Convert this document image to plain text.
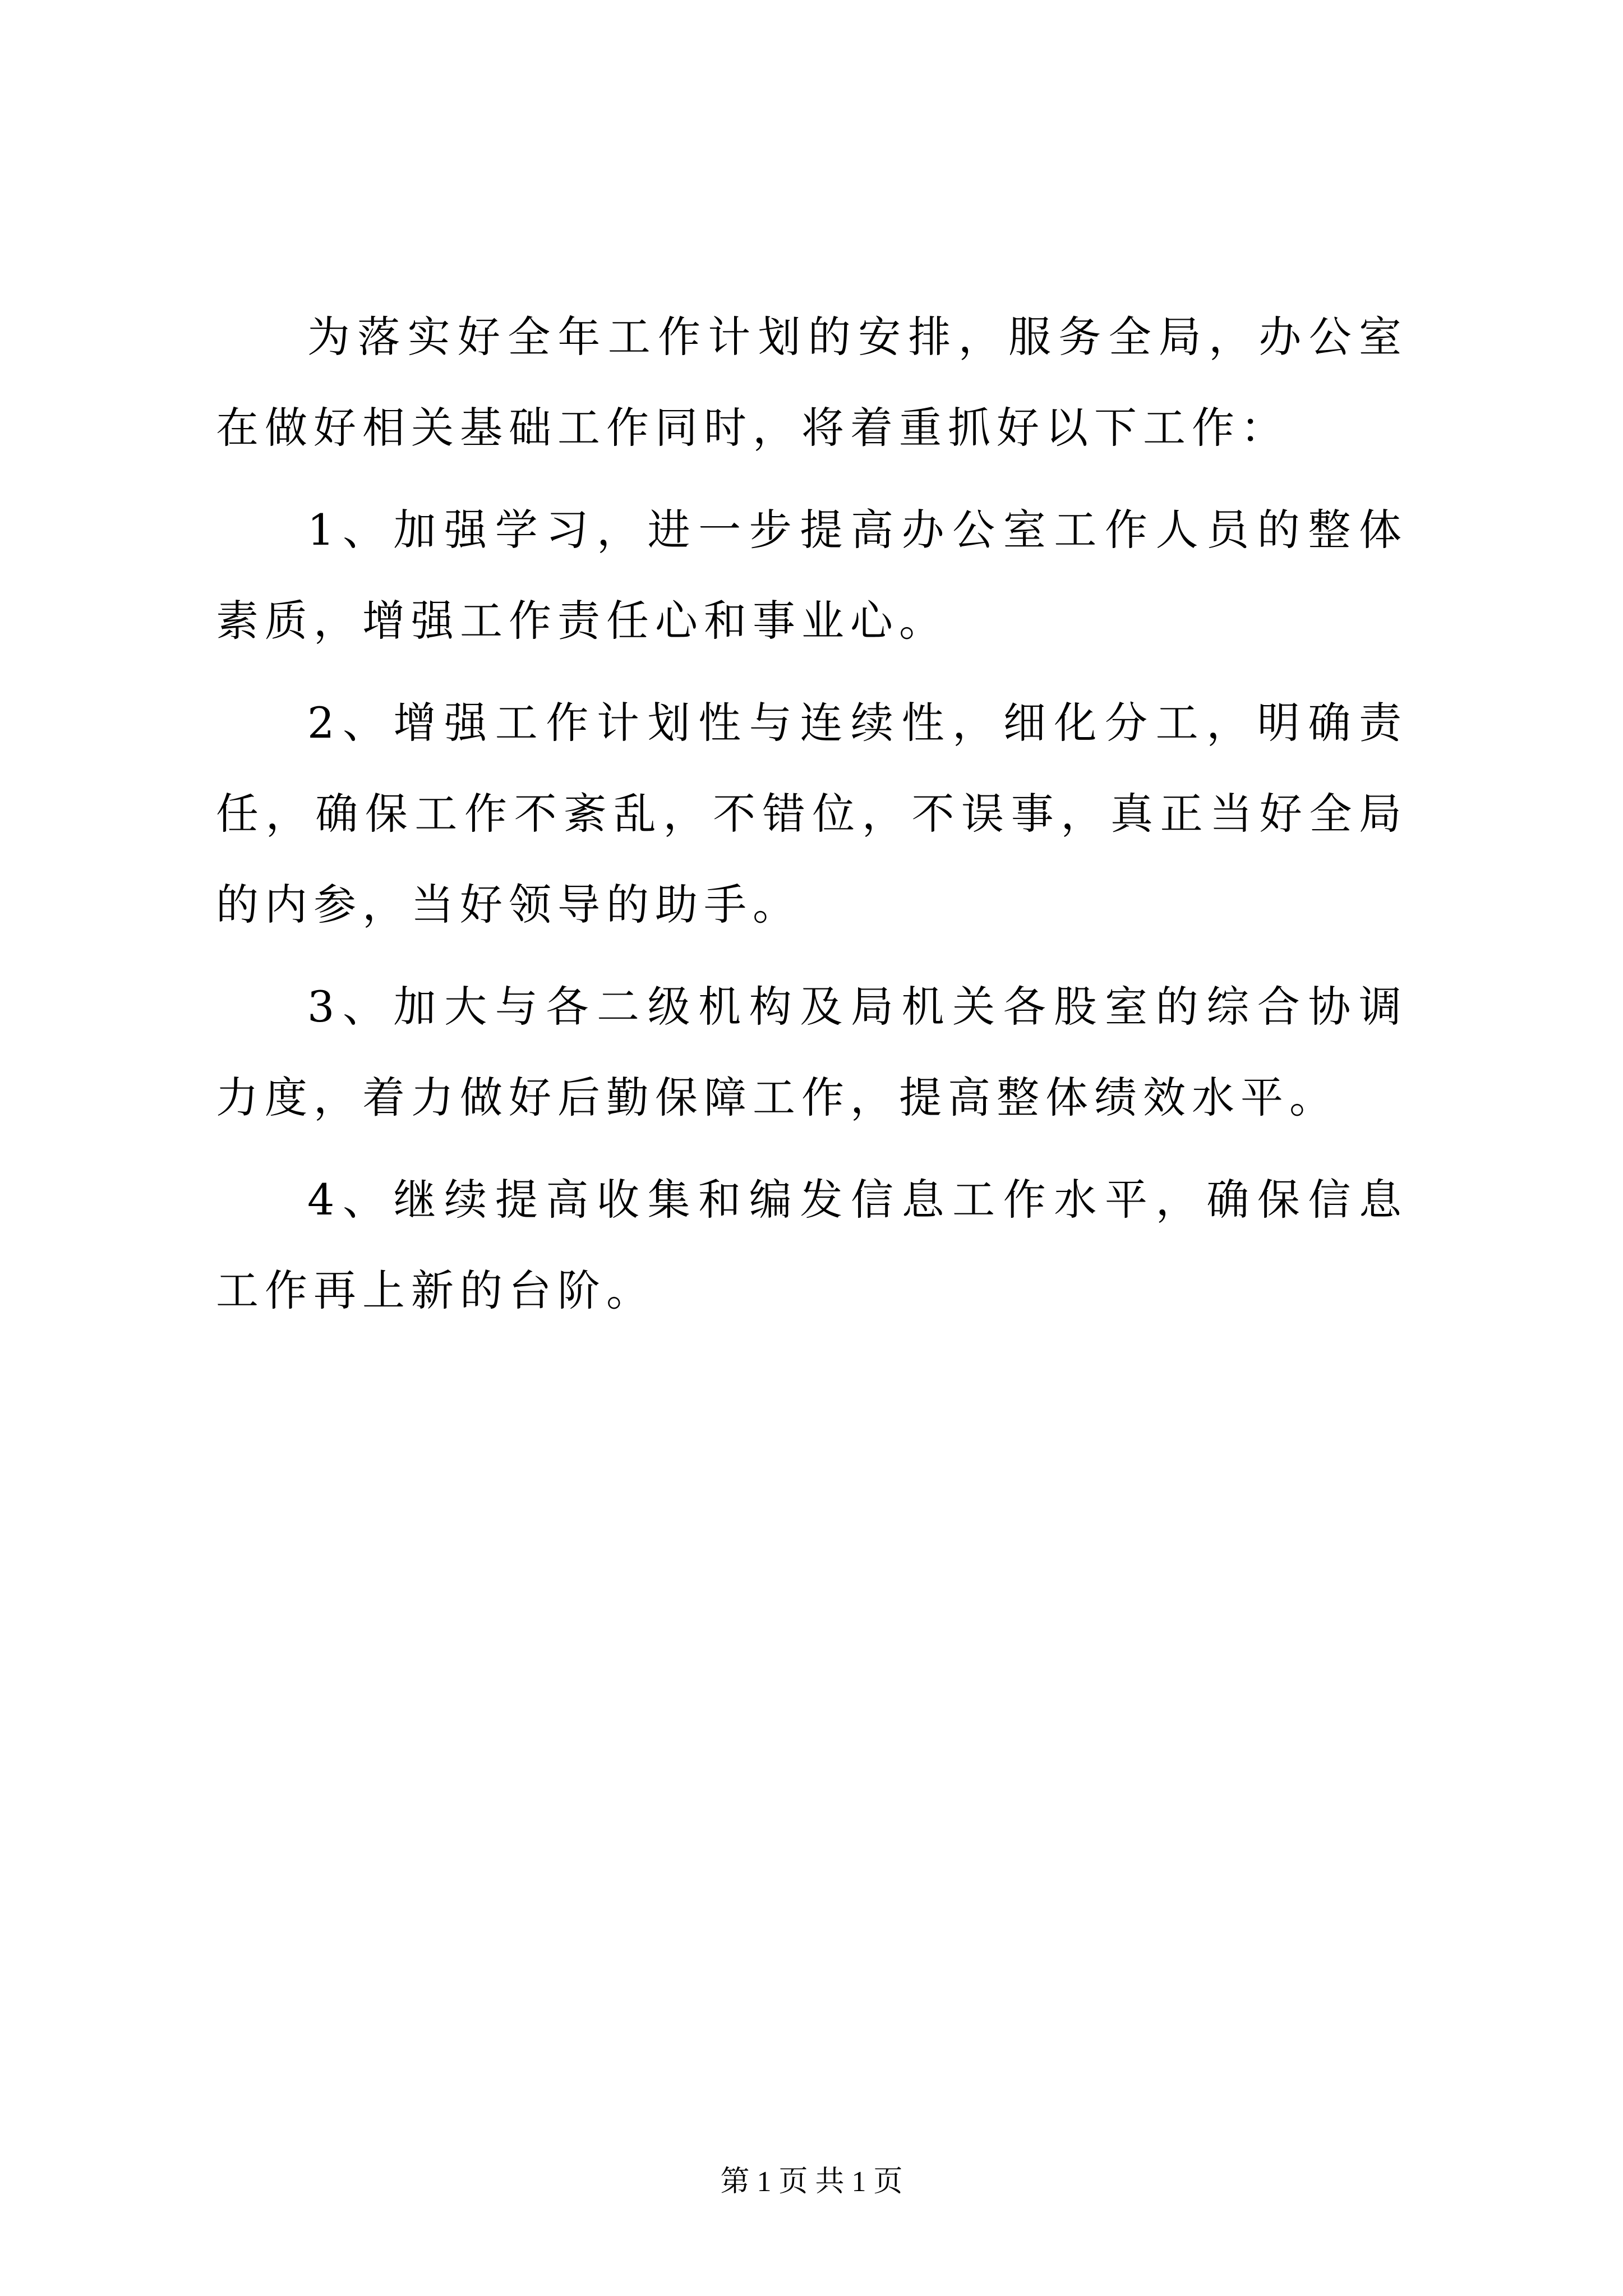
为落实好全年工作计划的安排，服务全局，办公室在做好相关基础工作同时，将着重抓好以下工作：

1、加强学习，进一步提高办公室工作人员的整体素质，增强工作责任心和事业心。

2、增强工作计划性与连续性，细化分工，明确责任，确保工作不紊乱，不错位，不误事，真正当好全局的内参，当好领导的助手。

3、加大与各二级机构及局机关各股室的综合协调力度，着力做好后勤保障工作，提高整体绩效水平。

4、继续提高收集和编发信息工作水平，确保信息工作再上新的台阶。

第 1 页 共 1 页
